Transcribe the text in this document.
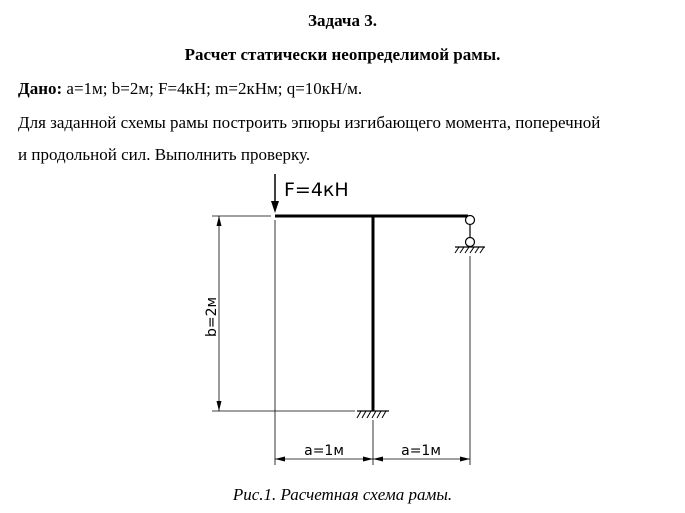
Задача 3.
Расчет статически неопределимой рамы.
Дано: a=1м; b=2м; F=4кН; m=2кНм; q=10кН/м.
Для заданной схемы рамы построить эпюры изгибающего момента, поперечной
и продольной сил. Выполнить проверку.
F=4кН
b=2м
a=1м	a=1м
Рис.1. Расчетная схема рамы.
